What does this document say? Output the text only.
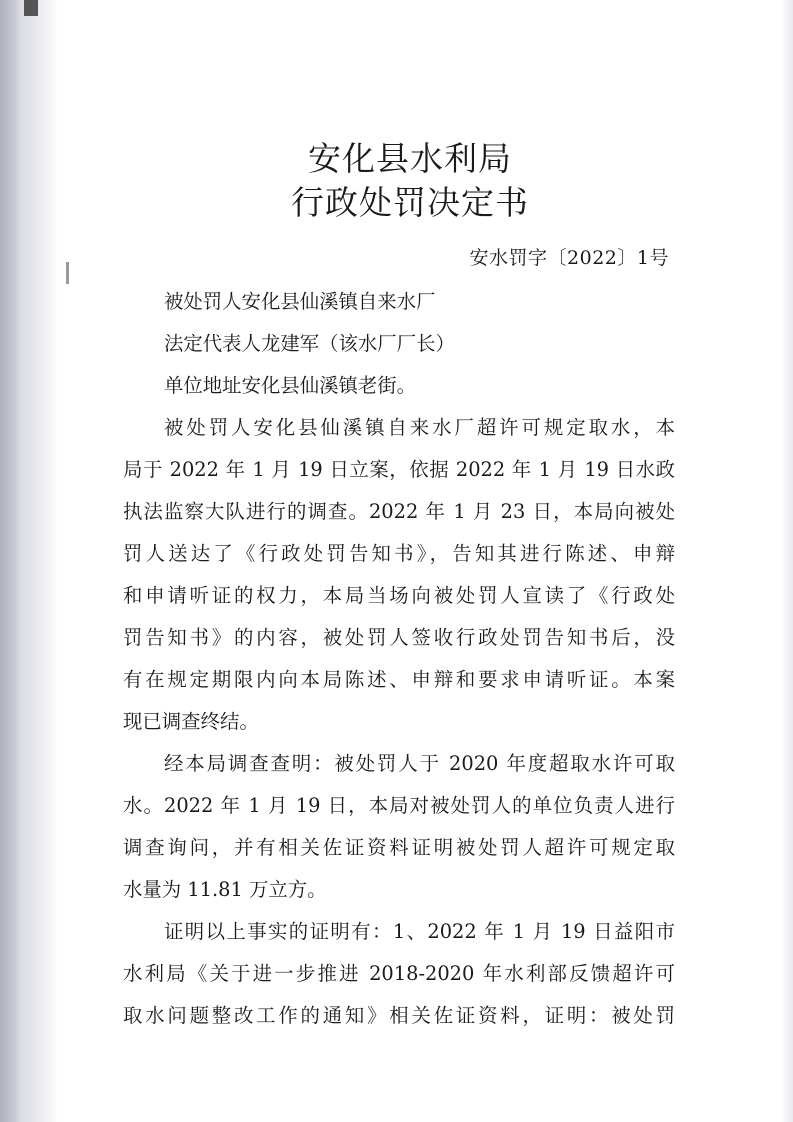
安化县水利局
行政处罚决定书
安水罚字〔2022〕1号
被处罚人安化县仙溪镇自来水厂
法定代表人龙建军（该水厂厂长）
单位地址安化县仙溪镇老街。
被处罚人安化县仙溪镇自来水厂超许可规定取水，本
局于 2022 年 1 月 19 日立案，依据 2022 年 1 月 19 日水政
执法监察大队进行的调查。2022 年 1 月 23 日，本局向被处
罚人送达了《行政处罚告知书》，告知其进行陈述、申辩
和申请听证的权力，本局当场向被处罚人宣读了《行政处
罚告知书》的内容，被处罚人签收行政处罚告知书后，没
有在规定期限内向本局陈述、申辩和要求申请听证。本案
现已调查终结。
经本局调查查明：被处罚人于 2020 年度超取水许可取
水。2022 年 1 月 19 日，本局对被处罚人的单位负责人进行
调查询问，并有相关佐证资料证明被处罚人超许可规定取
水量为 11.81 万立方。
证明以上事实的证明有：1、2022 年 1 月 19 日益阳市
水利局《关于进一步推进 2018-2020 年水利部反馈超许可
取水问题整改工作的通知》相关佐证资料，证明：被处罚
